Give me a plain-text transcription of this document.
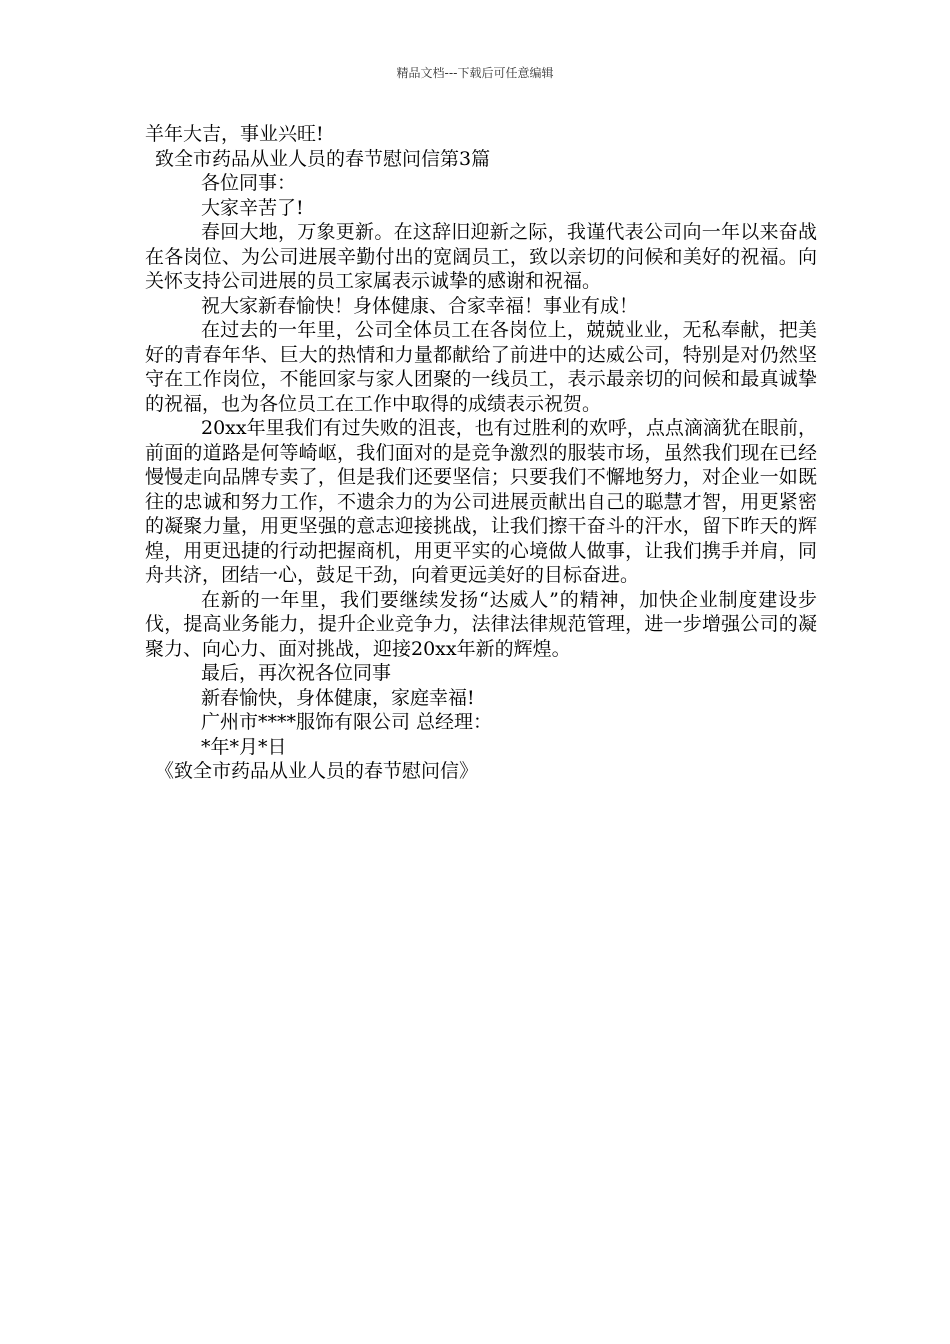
精品文档---下载后可任意编辑

羊年大吉，事业兴旺!

致全市药品从业人员的春节慰问信第3篇

各位同事：

大家辛苦了!

春回大地，万象更新。在这辞旧迎新之际，我谨代表公司向一年以来奋战在各岗位、为公司进展辛勤付出的宽阔员工，致以亲切的问候和美好的祝福。向关怀支持公司进展的员工家属表示诚挚的感谢和祝福。

祝大家新春愉快！身体健康、合家幸福！事业有成！

在过去的一年里，公司全体员工在各岗位上，兢兢业业，无私奉献，把美好的青春年华、巨大的热情和力量都献给了前进中的达威公司，特别是对仍然坚守在工作岗位，不能回家与家人团聚的一线员工，表示最亲切的问候和最真诚挚的祝福，也为各位员工在工作中取得的成绩表示祝贺。

20xx年里我们有过失败的沮丧，也有过胜利的欢呼，点点滴滴犹在眼前，前面的道路是何等崎岖，我们面对的是竞争激烈的服装市场，虽然我们现在已经慢慢走向品牌专卖了，但是我们还要坚信；只要我们不懈地努力，对企业一如既往的忠诚和努力工作，不遗余力的为公司进展贡献出自己的聪慧才智，用更紧密的凝聚力量，用更坚强的意志迎接挑战，让我们擦干奋斗的汗水，留下昨天的辉煌，用更迅捷的行动把握商机，用更平实的心境做人做事，让我们携手并肩，同舟共济，团结一心，鼓足干劲，向着更远美好的目标奋进。

在新的一年里，我们要继续发扬“达威人”的精神，加快企业制度建设步伐，提高业务能力，提升企业竞争力，法律法律规范管理，进一步增强公司的凝聚力、向心力、面对挑战，迎接20xx年新的辉煌。

最后，再次祝各位同事

新春愉快，身体健康，家庭幸福!

广州市****服饰有限公司 总经理：

*年*月*日

《致全市药品从业人员的春节慰问信》
